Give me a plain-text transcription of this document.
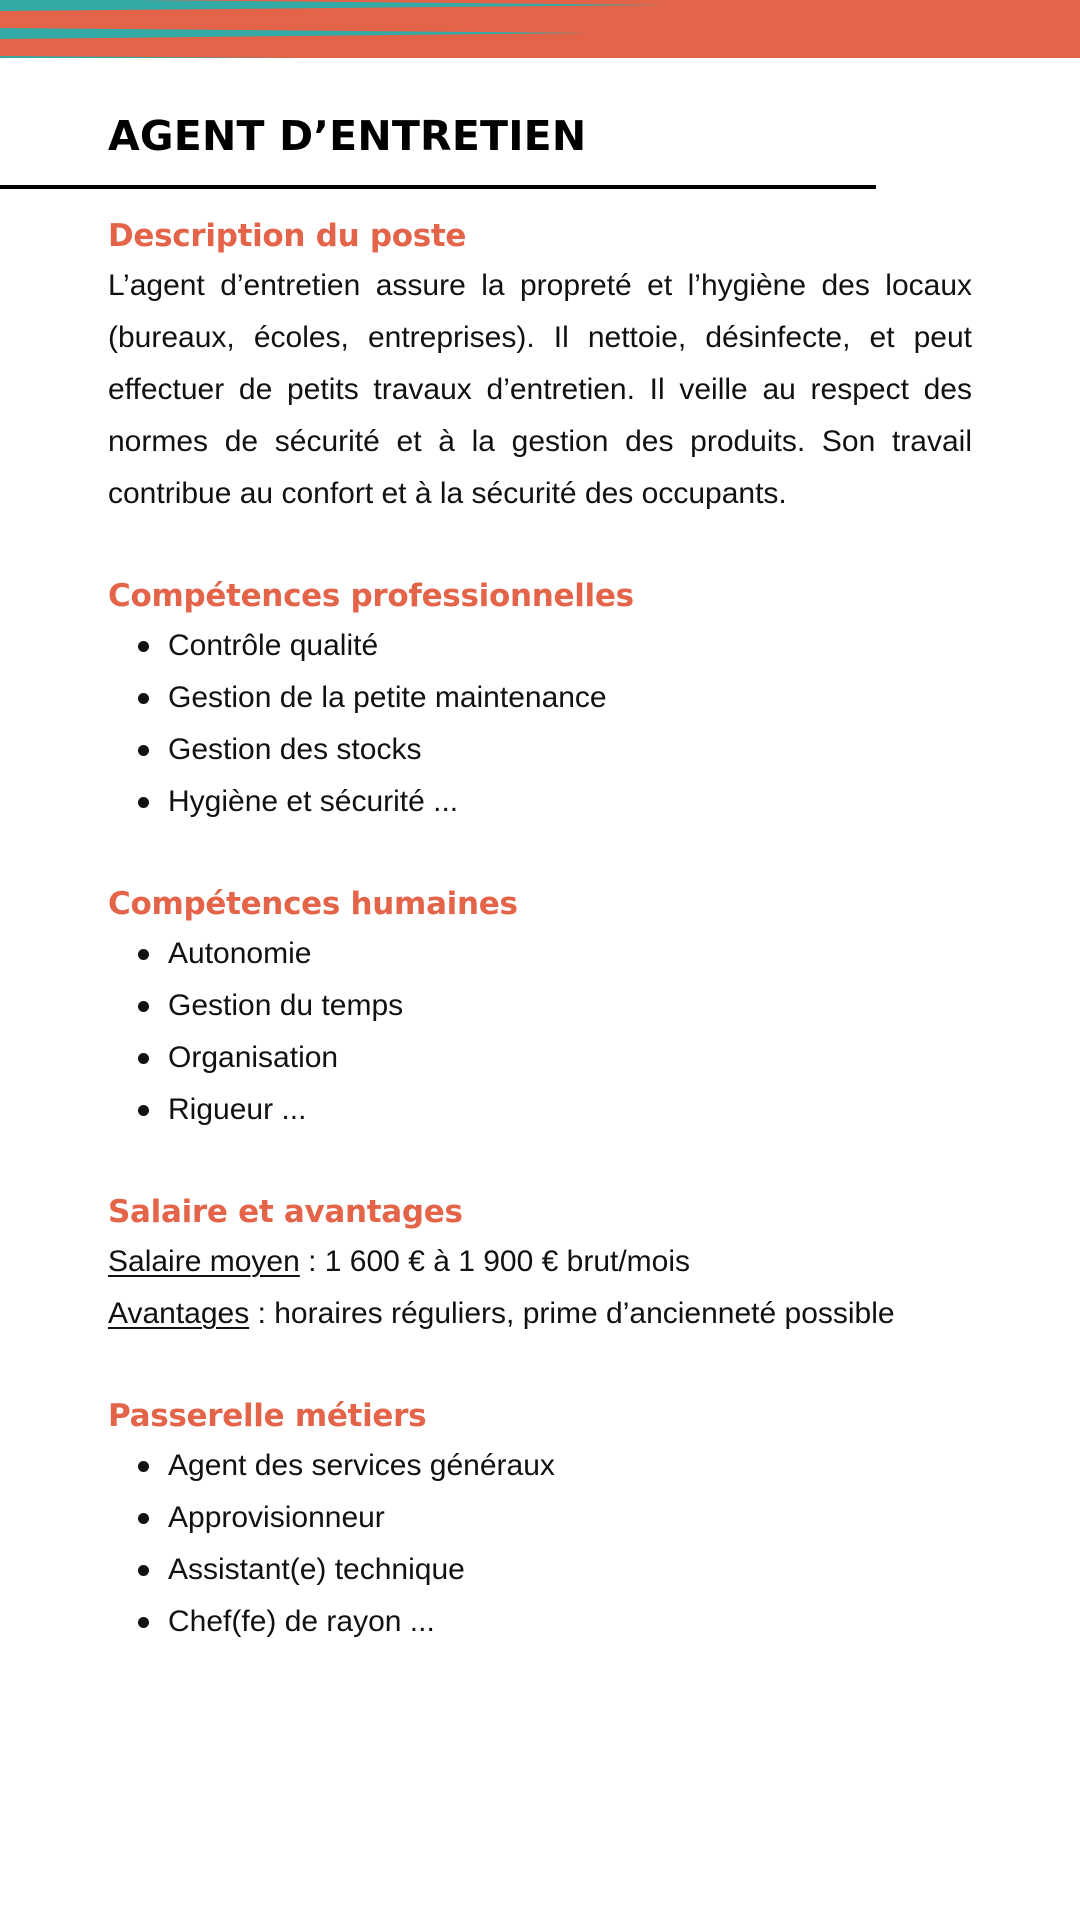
AGENT D’ENTRETIEN
Description du poste

L’agent d’entretien assure la propreté et l’hygiène des locaux (bureaux, écoles, entreprises). Il nettoie, désinfecte, et peut effectuer de petits travaux d’entretien. Il veille au respect des normes de sécurité et à la gestion des produits. Son travail contribue au confort et à la sécurité des occupants.

Compétences professionnelles
Contrôle qualité
Gestion de la petite maintenance
Gestion des stocks
Hygiène et sécurité ...
Compétences humaines
Autonomie
Gestion du temps
Organisation
Rigueur ...
Salaire et avantages

Salaire moyen : 1 600 € à 1 900 € brut/mois

Avantages : horaires réguliers, prime d’ancienneté possible

Passerelle métiers
Agent des services généraux
Approvisionneur
Assistant(e) technique
Chef(fe) de rayon ...
